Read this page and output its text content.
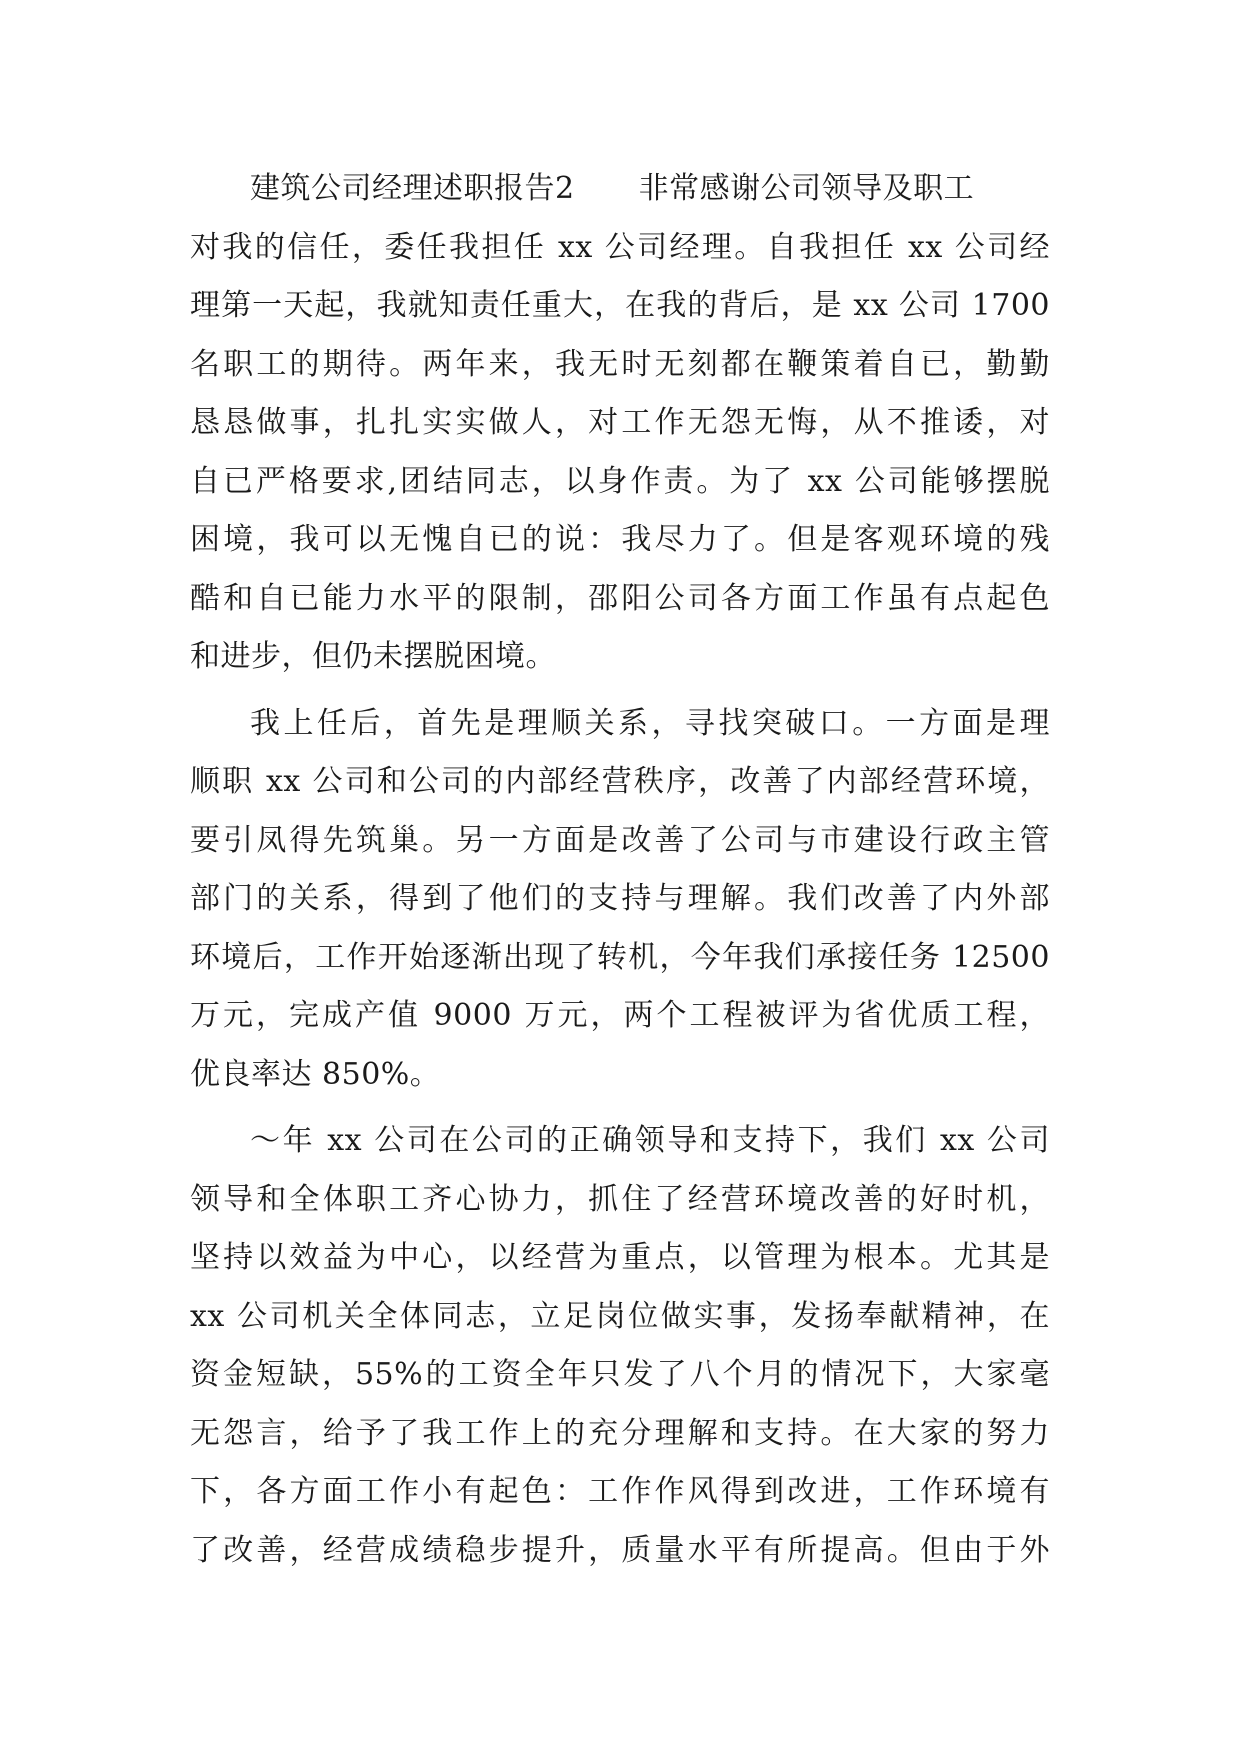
建筑公司经理述职报告2 非常感谢公司领导及职工
对我的信任，委任我担任 xx 公司经理。自我担任 xx 公司经
理第一天起，我就知责任重大，在我的背后，是 xx 公司 1700
名职工的期待。两年来，我无时无刻都在鞭策着自已，勤勤
恳恳做事，扎扎实实做人，对工作无怨无悔，从不推诿，对
自已严格要求,团结同志，以身作责。为了 xx 公司能够摆脱
困境，我可以无愧自已的说：我尽力了。但是客观环境的残
酷和自已能力水平的限制，邵阳公司各方面工作虽有点起色
和进步，但仍未摆脱困境。
我上任后，首先是理顺关系，寻找突破口。一方面是理
顺职 xx 公司和公司的内部经营秩序，改善了内部经营环境，
要引凤得先筑巢。另一方面是改善了公司与市建设行政主管
部门的关系，得到了他们的支持与理解。我们改善了内外部
环境后，工作开始逐渐出现了转机，今年我们承接任务 12500
万元，完成产值 9000 万元，两个工程被评为省优质工程，
优良率达 850%。
～年 xx 公司在公司的正确领导和支持下，我们 xx 公司
领导和全体职工齐心协力，抓住了经营环境改善的好时机，
坚持以效益为中心，以经营为重点，以管理为根本。尤其是
xx 公司机关全体同志，立足岗位做实事，发扬奉献精神，在
资金短缺，55%的工资全年只发了八个月的情况下，大家毫
无怨言，给予了我工作上的充分理解和支持。在大家的努力
下，各方面工作小有起色：工作作风得到改进，工作环境有
了改善，经营成绩稳步提升，质量水平有所提高。但由于外
